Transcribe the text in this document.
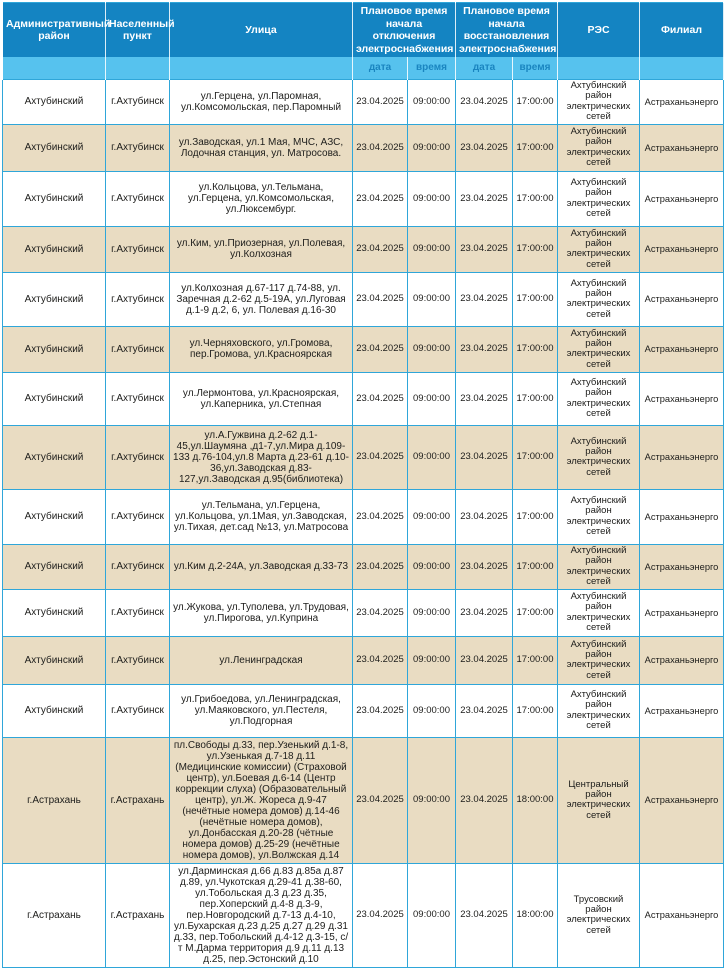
Административный район	Населенный пункт	Улица	Плановое время начала отключения электроснабжения		Плановое время начала восстановления электроснабжения		РЭС	Филиал
			дата	время	дата	время		
Ахтубинский	г.Ахтубинск	ул.Герцена, ул.Паромная, ул.Комсомольская, пер.Паромный	23.04.2025	09:00:00	23.04.2025	17:00:00	Ахтубинский район электрических сетей	Астраханьэнерго
Ахтубинский	г.Ахтубинск	ул.Заводская, ул.1 Мая, МЧС, АЗС, Лодочная станция, ул. Матросова.	23.04.2025	09:00:00	23.04.2025	17:00:00	Ахтубинский район электрических сетей	Астраханьэнерго
Ахтубинский	г.Ахтубинск	ул.Кольцова, ул.Тельмана, ул.Герцена, ул.Комсомольская, ул.Люксембург.	23.04.2025	09:00:00	23.04.2025	17:00:00	Ахтубинский район электрических сетей	Астраханьэнерго
Ахтубинский	г.Ахтубинск	ул.Ким, ул.Приозерная, ул.Полевая, ул.Колхозная	23.04.2025	09:00:00	23.04.2025	17:00:00	Ахтубинский район электрических сетей	Астраханьэнерго
Ахтубинский	г.Ахтубинск	ул.Колхозная д.67-117 д.74-88, ул. Заречная д.2-62 д.5-19А, ул.Луговая д.1-9 д.2, 6, ул. Полевая д.16-30	23.04.2025	09:00:00	23.04.2025	17:00:00	Ахтубинский район электрических сетей	Астраханьэнерго
Ахтубинский	г.Ахтубинск	ул.Черняховского, ул.Громова, пер.Громова, ул.Красноярская	23.04.2025	09:00:00	23.04.2025	17:00:00	Ахтубинский район электрических сетей	Астраханьэнерго
Ахтубинский	г.Ахтубинск	ул.Лермонтова, ул.Красноярская, ул.Каперника, ул.Степная	23.04.2025	09:00:00	23.04.2025	17:00:00	Ахтубинский район электрических сетей	Астраханьэнерго
Ахтубинский	г.Ахтубинск	ул.А.Гужвина д.2-62 д.1-45,ул.Шаумяна ,д1-7,ул.Мира д.109-133 д.76-104,ул.8 Марта д.23-61 д.10-36,ул.Заводская д.83-127,ул.Заводская д.95(библиотека)	23.04.2025	09:00:00	23.04.2025	17:00:00	Ахтубинский район электрических сетей	Астраханьэнерго
Ахтубинский	г.Ахтубинск	ул.Тельмана, ул.Герцена, ул.Кольцова, ул.1Мая, ул.Заводская, ул.Тихая, дет.сад №13, ул.Матросова	23.04.2025	09:00:00	23.04.2025	17:00:00	Ахтубинский район электрических сетей	Астраханьэнерго
Ахтубинский	г.Ахтубинск	ул.Ким д.2-24А, ул.Заводская д.33-73	23.04.2025	09:00:00	23.04.2025	17:00:00	Ахтубинский район электрических сетей	Астраханьэнерго
Ахтубинский	г.Ахтубинск	ул.Жукова, ул.Туполева, ул.Трудовая, ул.Пирогова, ул.Куприна	23.04.2025	09:00:00	23.04.2025	17:00:00	Ахтубинский район электрических сетей	Астраханьэнерго
Ахтубинский	г.Ахтубинск	ул.Ленинградская	23.04.2025	09:00:00	23.04.2025	17:00:00	Ахтубинский район электрических сетей	Астраханьэнерго
Ахтубинский	г.Ахтубинск	ул.Грибоедова, ул.Ленинградская, ул.Маяковского, ул.Пестеля, ул.Подгорная	23.04.2025	09:00:00	23.04.2025	17:00:00	Ахтубинский район электрических сетей	Астраханьэнерго
г.Астрахань	г.Астрахань	пл.Свободы д.33, пер.Узенький д.1-8, ул.Узенькая д.7-18 д.11 (Медицинские комиссии) (Страховой центр), ул.Боевая д.6-14 (Центр коррекции слуха) (Образовательный центр), ул.Ж. Жореса д.9-47 (нечётные номера домов) д.14-46 (нечётные номера домов), ул.Донбасская д.20-28 (чётные номера домов) д.25-29 (нечётные номера домов), ул.Волжская д.14	23.04.2025	09:00:00	23.04.2025	18:00:00	Центральный район электрических сетей	Астраханьэнерго
г.Астрахань	г.Астрахань	ул.Дарминская д.66 д.83 д.85а д.87 д.89, ул.Чукотская д.29-41 д.38-60, ул.Тобольская д.3 д.23 д.35, пер.Хоперский д.4-8 д.3-9, пер.Новгородский д.7-13 д.4-10, ул.Бухарская д.23 д.25 д.27 д.29 д.31 д.33, пер.Тобольский д.4-12 д.3-15, с/т М.Дарма территория д.9 д.11 д.13 д.25, пер.Эстонский д.10	23.04.2025	09:00:00	23.04.2025	18:00:00	Трусовский район электрических сетей	Астраханьэнерго
